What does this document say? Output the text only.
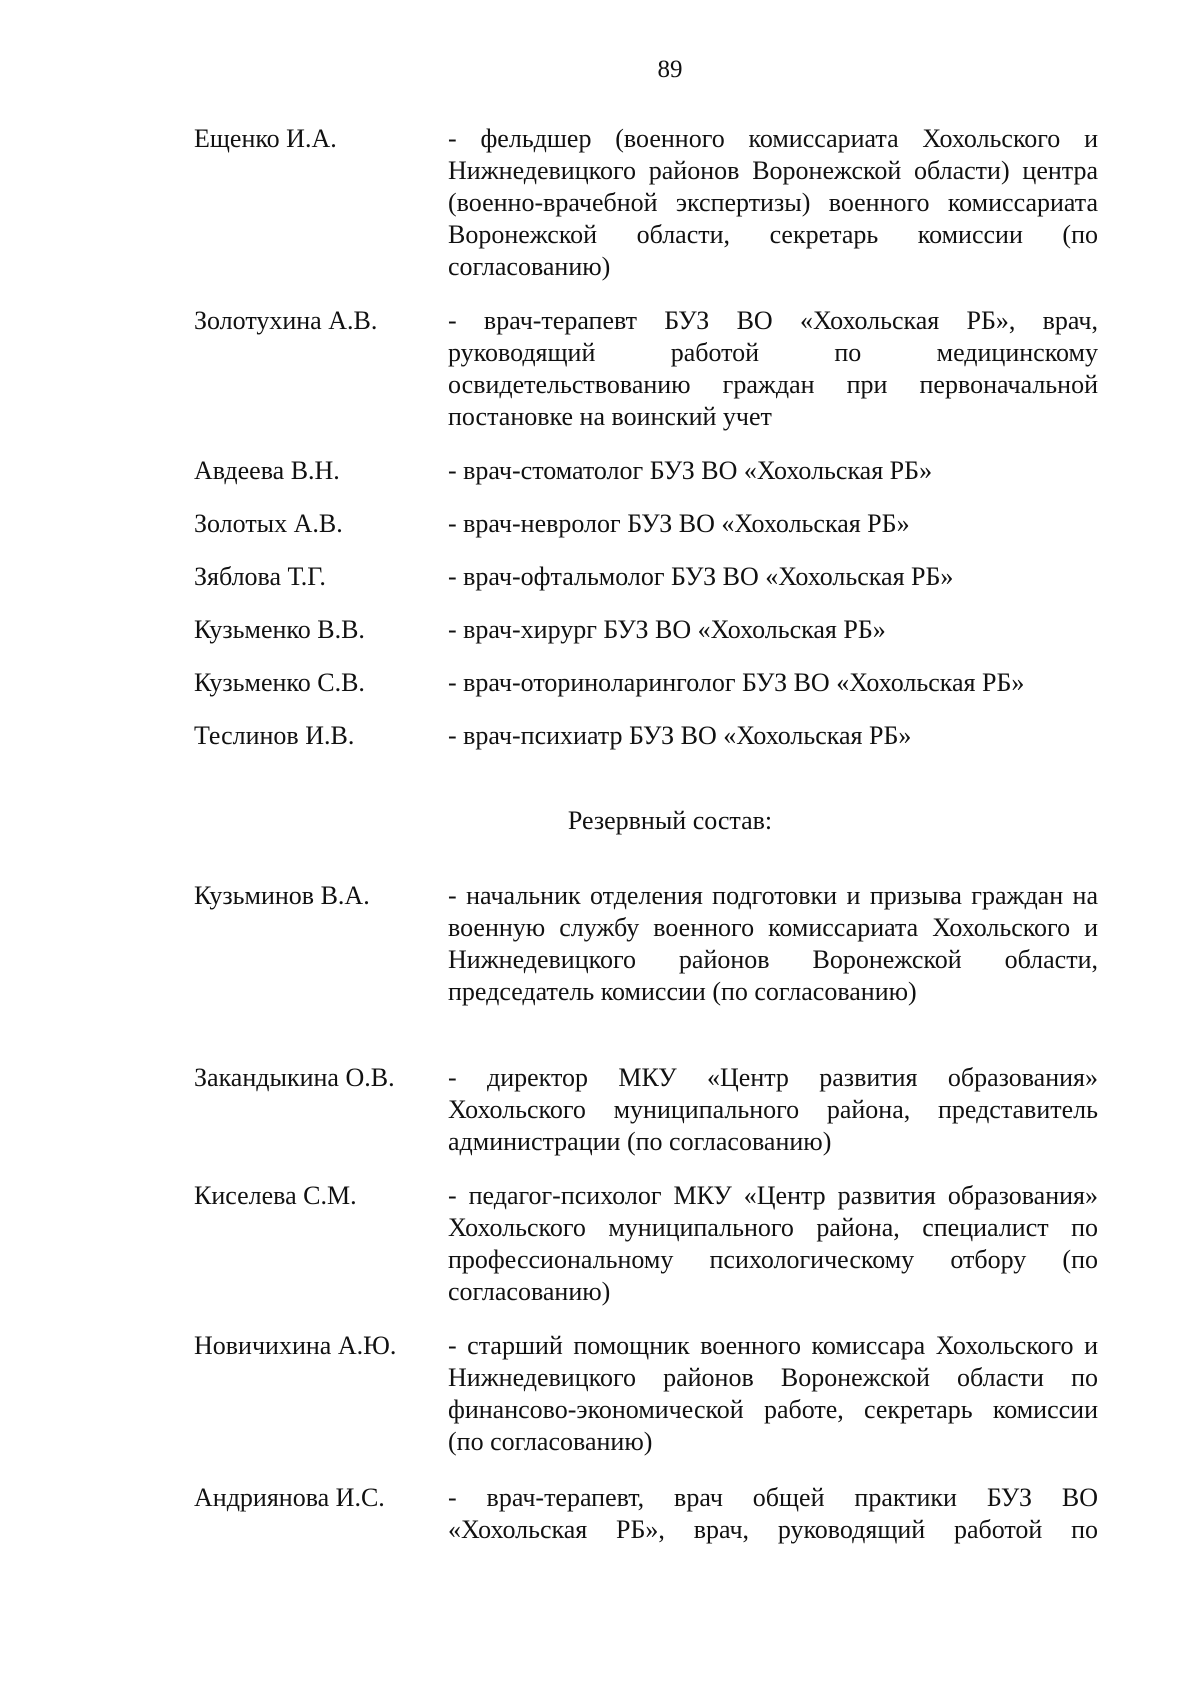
89
Ещенко И.А.	- фельдшер (военного комиссариата Хохольского и Нижнедевицкого районов Воронежской области) центра (военно-врачебной экспертизы) военного комиссариата Воронежской области, секретарь комиссии (по согласованию)
Золотухина А.В.	- врач-терапевт БУЗ ВО «Хохольская РБ», врач, руководящий работой по медицинскому освидетельствованию граждан при первоначальной постановке на воинский учет
Авдеева В.Н.	- врач-стоматолог БУЗ ВО «Хохольская РБ»
Золотых А.В.	- врач-невролог БУЗ ВО «Хохольская РБ»
Зяблова Т.Г.	- врач-офтальмолог БУЗ ВО «Хохольская РБ»
Кузьменко В.В.	- врач-хирург БУЗ ВО «Хохольская РБ»
Кузьменко С.В.	- врач-оториноларинголог БУЗ ВО «Хохольская РБ»
Теслинов И.В.	- врач-психиатр БУЗ ВО «Хохольская РБ»
Резервный состав:
Кузьминов В.А.	- начальник отделения подготовки и призыва граждан на военную службу военного комиссариата Хохольского и Нижнедевицкого районов Воронежской области, председатель комиссии (по согласованию)
Закандыкина О.В. - директор МКУ «Центр развития образования» Хохольского муниципального района, представитель администрации (по согласованию)
Киселева С.М.	- педагог-психолог МКУ «Центр развития образования» Хохольского муниципального района, специалист по профессиональному психологическому отбору (по согласованию)
Новичихина А.Ю. - старший помощник военного комиссара Хохольского и Нижнедевицкого районов Воронежской области по финансово-экономической работе, секретарь комиссии (по согласованию)
Андриянова И.С. - врач-терапевт, врач общей практики БУЗ ВО «Хохольская РБ», врач, руководящий работой по
